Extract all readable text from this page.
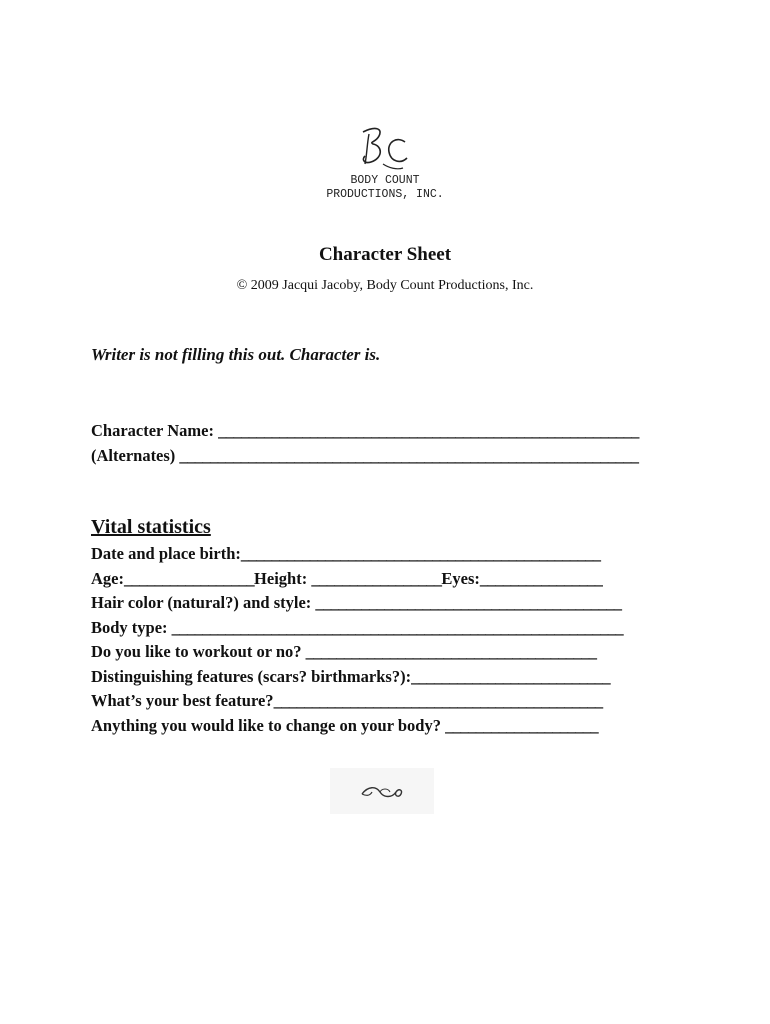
BODY COUNT
PRODUCTIONS, INC.
Character Sheet
© 2009 Jacqui Jacoby, Body Count Productions, Inc.
Writer is not filling this out. Character is.
Character Name: _______________________________________________________
(Alternates) ____________________________________________________________
Vital statistics
Date and place birth:_______________________________________________
Age:_________________Height: _________________Eyes:________________
Hair color (natural?) and style: ________________________________________
Body type: ___________________________________________________________
Do you like to workout or no? ______________________________________
Distinguishing features (scars? birthmarks?):__________________________
What’s your best feature?___________________________________________
Anything you would like to change on your body? ____________________
